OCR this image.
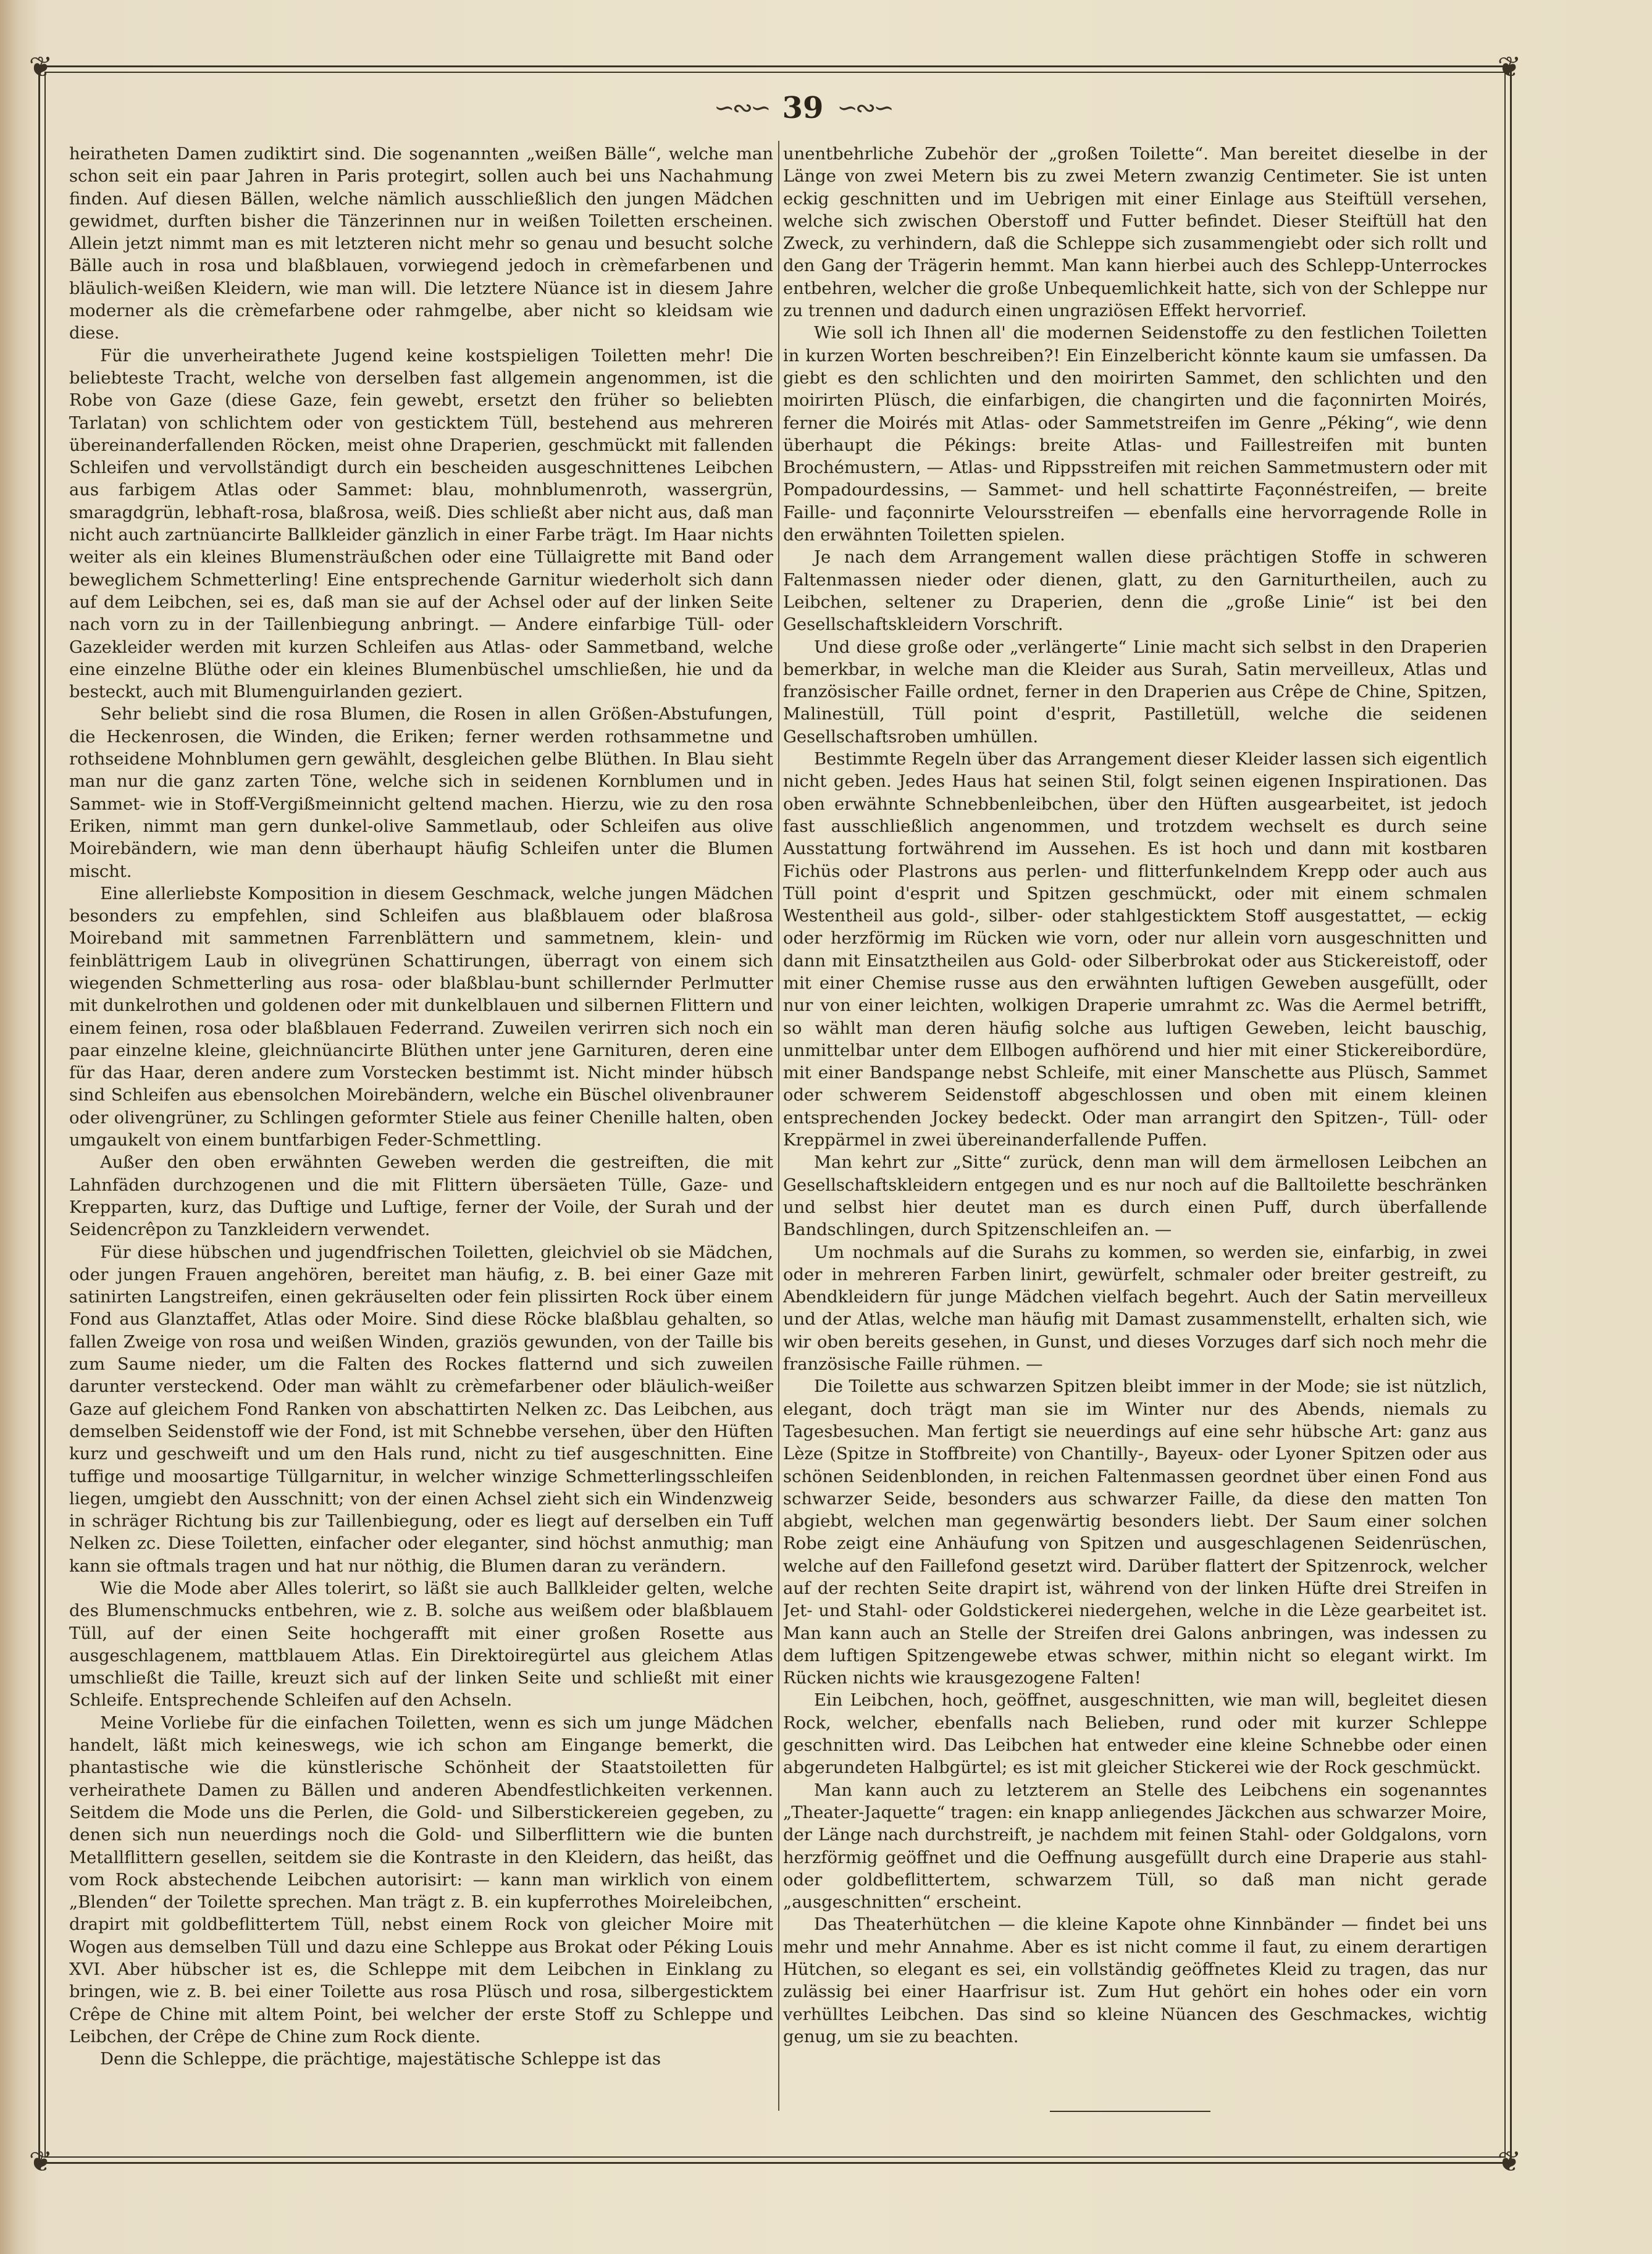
❦	❦
❦	❦
∽∾∽ 39 ∽∾∽

heiratheten Damen zudiktirt sind. Die sogenannten „weißen Bälle“, welche man schon seit ein paar Jahren in Paris protegirt, sollen auch bei uns Nachahmung finden. Auf diesen Bällen, welche nämlich ausschließlich den jungen Mädchen gewidmet, durften bisher die Tänzerinnen nur in weißen Toiletten erscheinen. Allein jetzt nimmt man es mit letzteren nicht mehr so genau und besucht solche Bälle auch in rosa und blaßblauen, vorwiegend jedoch in crèmefarbenen und bläulich-weißen Kleidern, wie man will. Die letztere Nüance ist in diesem Jahre moderner als die crèmefarbene oder rahmgelbe, aber nicht so kleidsam wie diese.

Für die unverheirathete Jugend keine kostspieligen Toiletten mehr! Die beliebteste Tracht, welche von derselben fast allgemein angenommen, ist die Robe von Gaze (diese Gaze, fein gewebt, ersetzt den früher so beliebten Tarlatan) von schlichtem oder von gesticktem Tüll, bestehend aus mehreren übereinanderfallenden Röcken, meist ohne Draperien, geschmückt mit fallenden Schleifen und vervollständigt durch ein bescheiden ausgeschnittenes Leibchen aus farbigem Atlas oder Sammet: blau, mohnblumenroth, wassergrün, smaragdgrün, lebhaft-rosa, blaßrosa, weiß. Dies schließt aber nicht aus, daß man nicht auch zartnüancirte Ballkleider gänzlich in einer Farbe trägt. Im Haar nichts weiter als ein kleines Blumensträußchen oder eine Tüllaigrette mit Band oder beweglichem Schmetterling! Eine entsprechende Garnitur wiederholt sich dann auf dem Leibchen, sei es, daß man sie auf der Achsel oder auf der linken Seite nach vorn zu in der Taillenbiegung anbringt. — Andere einfarbige Tüll- oder Gazekleider werden mit kurzen Schleifen aus Atlas- oder Sammetband, welche eine einzelne Blüthe oder ein kleines Blumenbüschel umschließen, hie und da besteckt, auch mit Blumenguirlanden geziert.

Sehr beliebt sind die rosa Blumen, die Rosen in allen Größen-Abstufungen, die Heckenrosen, die Winden, die Eriken; ferner werden rothsammetne und rothseidene Mohnblumen gern gewählt, desgleichen gelbe Blüthen. In Blau sieht man nur die ganz zarten Töne, welche sich in seidenen Kornblumen und in Sammet- wie in Stoff-Vergißmeinnicht geltend machen. Hierzu, wie zu den rosa Eriken, nimmt man gern dunkel-olive Sammetlaub, oder Schleifen aus olive Moirebändern, wie man denn überhaupt häufig Schleifen unter die Blumen mischt.

Eine allerliebste Komposition in diesem Geschmack, welche jungen Mädchen besonders zu empfehlen, sind Schleifen aus blaßblauem oder blaßrosa Moireband mit sammetnen Farrenblättern und sammetnem, klein- und feinblättrigem Laub in olivegrünen Schattirungen, überragt von einem sich wiegenden Schmetterling aus rosa- oder blaßblau-bunt schillernder Perlmutter mit dunkelrothen und goldenen oder mit dunkelblauen und silbernen Flittern und einem feinen, rosa oder blaßblauen Federrand. Zuweilen verirren sich noch ein paar einzelne kleine, gleichnüancirte Blüthen unter jene Garnituren, deren eine für das Haar, deren andere zum Vorstecken bestimmt ist. Nicht minder hübsch sind Schleifen aus ebensolchen Moirebändern, welche ein Büschel olivenbrauner oder olivengrüner, zu Schlingen geformter Stiele aus feiner Chenille halten, oben umgaukelt von einem buntfarbigen Feder-Schmettling.

Außer den oben erwähnten Geweben werden die gestreiften, die mit Lahnfäden durchzogenen und die mit Flittern übersäeten Tülle, Gaze- und Krepparten, kurz, das Duftige und Luftige, ferner der Voile, der Surah und der Seidencrêpon zu Tanzkleidern verwendet.

Für diese hübschen und jugendfrischen Toiletten, gleichviel ob sie Mädchen, oder jungen Frauen angehören, bereitet man häufig, z. B. bei einer Gaze mit satinirten Langstreifen, einen gekräuselten oder fein plissirten Rock über einem Fond aus Glanztaffet, Atlas oder Moire. Sind diese Röcke blaßblau gehalten, so fallen Zweige von rosa und weißen Winden, graziös gewunden, von der Taille bis zum Saume nieder, um die Falten des Rockes flatternd und sich zuweilen darunter versteckend. Oder man wählt zu crèmefarbener oder bläulich-weißer Gaze auf gleichem Fond Ranken von abschattirten Nelken zc. Das Leibchen, aus demselben Seidenstoff wie der Fond, ist mit Schnebbe versehen, über den Hüften kurz und geschweift und um den Hals rund, nicht zu tief ausgeschnitten. Eine tuffige und moosartige Tüllgarnitur, in welcher winzige Schmetterlingsschleifen liegen, umgiebt den Ausschnitt; von der einen Achsel zieht sich ein Windenzweig in schräger Richtung bis zur Taillenbiegung, oder es liegt auf derselben ein Tuff Nelken zc. Diese Toiletten, einfacher oder eleganter, sind höchst anmuthig; man kann sie oftmals tragen und hat nur nöthig, die Blumen daran zu verändern.

Wie die Mode aber Alles tolerirt, so läßt sie auch Ballkleider gelten, welche des Blumenschmucks entbehren, wie z. B. solche aus weißem oder blaßblauem Tüll, auf der einen Seite hochgerafft mit einer großen Rosette aus ausgeschlagenem, mattblauem Atlas. Ein Direktoiregürtel aus gleichem Atlas umschließt die Taille, kreuzt sich auf der linken Seite und schließt mit einer Schleife. Entsprechende Schleifen auf den Achseln.

Meine Vorliebe für die einfachen Toiletten, wenn es sich um junge Mädchen handelt, läßt mich keineswegs, wie ich schon am Eingange bemerkt, die phantastische wie die künstlerische Schönheit der Staatstoiletten für verheirathete Damen zu Bällen und anderen Abendfestlichkeiten verkennen. Seitdem die Mode uns die Perlen, die Gold- und Silberstickereien gegeben, zu denen sich nun neuerdings noch die Gold- und Silberflittern wie die bunten Metallflittern gesellen, seitdem sie die Kontraste in den Kleidern, das heißt, das vom Rock abstechende Leibchen autorisirt: — kann man wirklich von einem „Blenden“ der Toilette sprechen. Man trägt z. B. ein kupferrothes Moireleibchen, drapirt mit goldbeflittertem Tüll, nebst einem Rock von gleicher Moire mit Wogen aus demselben Tüll und dazu eine Schleppe aus Brokat oder Péking Louis XVI. Aber hübscher ist es, die Schleppe mit dem Leibchen in Einklang zu bringen, wie z. B. bei einer Toilette aus rosa Plüsch und rosa, silbergesticktem Crêpe de Chine mit altem Point, bei welcher der erste Stoff zu Schleppe und Leibchen, der Crêpe de Chine zum Rock diente.

Denn die Schleppe, die prächtige, majestätische Schleppe ist das

unentbehrliche Zubehör der „großen Toilette“. Man bereitet dieselbe in der Länge von zwei Metern bis zu zwei Metern zwanzig Centimeter. Sie ist unten eckig geschnitten und im Uebrigen mit einer Einlage aus Steiftüll versehen, welche sich zwischen Oberstoff und Futter befindet. Dieser Steiftüll hat den Zweck, zu verhindern, daß die Schleppe sich zusammengiebt oder sich rollt und den Gang der Trägerin hemmt. Man kann hierbei auch des Schlepp-Unterrockes entbehren, welcher die große Unbequemlichkeit hatte, sich von der Schleppe nur zu trennen und dadurch einen ungraziösen Effekt hervorrief.

Wie soll ich Ihnen all' die modernen Seidenstoffe zu den festlichen Toiletten in kurzen Worten beschreiben?! Ein Einzelbericht könnte kaum sie umfassen. Da giebt es den schlichten und den moirirten Sammet, den schlichten und den moirirten Plüsch, die einfarbigen, die changirten und die façonnirten Moirés, ferner die Moirés mit Atlas- oder Sammetstreifen im Genre „Péking“, wie denn überhaupt die Pékings: breite Atlas- und Faillestreifen mit bunten Brochémustern, — Atlas- und Rippsstreifen mit reichen Sammetmustern oder mit Pompadourdessins, — Sammet- und hell schattirte Façonnéstreifen, — breite Faille- und façonnirte Veloursstreifen — ebenfalls eine hervorragende Rolle in den erwähnten Toiletten spielen.

Je nach dem Arrangement wallen diese prächtigen Stoffe in schweren Faltenmassen nieder oder dienen, glatt, zu den Garniturtheilen, auch zu Leibchen, seltener zu Draperien, denn die „große Linie“ ist bei den Gesellschaftskleidern Vorschrift.

Und diese große oder „verlängerte“ Linie macht sich selbst in den Draperien bemerkbar, in welche man die Kleider aus Surah, Satin merveilleux, Atlas und französischer Faille ordnet, ferner in den Draperien aus Crêpe de Chine, Spitzen, Malinestüll, Tüll point d'esprit, Pastilletüll, welche die seidenen Gesellschaftsroben umhüllen.

Bestimmte Regeln über das Arrangement dieser Kleider lassen sich eigentlich nicht geben. Jedes Haus hat seinen Stil, folgt seinen eigenen Inspirationen. Das oben erwähnte Schnebbenleibchen, über den Hüften ausgearbeitet, ist jedoch fast ausschließlich angenommen, und trotzdem wechselt es durch seine Ausstattung fortwährend im Aussehen. Es ist hoch und dann mit kostbaren Fichüs oder Plastrons aus perlen- und flitterfunkelndem Krepp oder auch aus Tüll point d'esprit und Spitzen geschmückt, oder mit einem schmalen Westentheil aus gold-, silber- oder stahlgesticktem Stoff ausgestattet, — eckig oder herzförmig im Rücken wie vorn, oder nur allein vorn ausgeschnitten und dann mit Einsatztheilen aus Gold- oder Silberbrokat oder aus Stickereistoff, oder mit einer Chemise russe aus den erwähnten luftigen Geweben ausgefüllt, oder nur von einer leichten, wolkigen Draperie umrahmt zc. Was die Aermel betrifft, so wählt man deren häufig solche aus luftigen Geweben, leicht bauschig, unmittelbar unter dem Ellbogen aufhörend und hier mit einer Stickereibordüre, mit einer Bandspange nebst Schleife, mit einer Manschette aus Plüsch, Sammet oder schwerem Seidenstoff abgeschlossen und oben mit einem kleinen entsprechenden Jockey bedeckt. Oder man arrangirt den Spitzen-, Tüll- oder Kreppärmel in zwei übereinanderfallende Puffen.

Man kehrt zur „Sitte“ zurück, denn man will dem ärmellosen Leibchen an Gesellschaftskleidern entgegen und es nur noch auf die Balltoilette beschränken und selbst hier deutet man es durch einen Puff, durch überfallende Bandschlingen, durch Spitzenschleifen an. —

Um nochmals auf die Surahs zu kommen, so werden sie, einfarbig, in zwei oder in mehreren Farben linirt, gewürfelt, schmaler oder breiter gestreift, zu Abendkleidern für junge Mädchen vielfach begehrt. Auch der Satin merveilleux und der Atlas, welche man häufig mit Damast zusammenstellt, erhalten sich, wie wir oben bereits gesehen, in Gunst, und dieses Vorzuges darf sich noch mehr die französische Faille rühmen. —

Die Toilette aus schwarzen Spitzen bleibt immer in der Mode; sie ist nützlich, elegant, doch trägt man sie im Winter nur des Abends, niemals zu Tagesbesuchen. Man fertigt sie neuerdings auf eine sehr hübsche Art: ganz aus Lèze (Spitze in Stoffbreite) von Chantilly-, Bayeux- oder Lyoner Spitzen oder aus schönen Seidenblonden, in reichen Faltenmassen geordnet über einen Fond aus schwarzer Seide, besonders aus schwarzer Faille, da diese den matten Ton abgiebt, welchen man gegenwärtig besonders liebt. Der Saum einer solchen Robe zeigt eine Anhäufung von Spitzen und ausgeschlagenen Seidenrüschen, welche auf den Faillefond gesetzt wird. Darüber flattert der Spitzenrock, welcher auf der rechten Seite drapirt ist, während von der linken Hüfte drei Streifen in Jet- und Stahl- oder Goldstickerei niedergehen, welche in die Lèze gearbeitet ist. Man kann auch an Stelle der Streifen drei Galons anbringen, was indessen zu dem luftigen Spitzengewebe etwas schwer, mithin nicht so elegant wirkt. Im Rücken nichts wie krausgezogene Falten!

Ein Leibchen, hoch, geöffnet, ausgeschnitten, wie man will, begleitet diesen Rock, welcher, ebenfalls nach Belieben, rund oder mit kurzer Schleppe geschnitten wird. Das Leibchen hat entweder eine kleine Schnebbe oder einen abgerundeten Halbgürtel; es ist mit gleicher Stickerei wie der Rock geschmückt.

Man kann auch zu letzterem an Stelle des Leibchens ein sogenanntes „Theater-Jaquette“ tragen: ein knapp anliegendes Jäckchen aus schwarzer Moire, der Länge nach durchstreift, je nachdem mit feinen Stahl- oder Goldgalons, vorn herzförmig geöffnet und die Oeffnung ausgefüllt durch eine Draperie aus stahl- oder goldbeflittertem, schwarzem Tüll, so daß man nicht gerade „ausgeschnitten“ erscheint.

Das Theaterhütchen — die kleine Kapote ohne Kinnbänder — findet bei uns mehr und mehr Annahme. Aber es ist nicht comme il faut, zu einem derartigen Hütchen, so elegant es sei, ein vollständig geöffnetes Kleid zu tragen, das nur zulässig bei einer Haarfrisur ist. Zum Hut gehört ein hohes oder ein vorn verhülltes Leibchen. Das sind so kleine Nüancen des Geschmackes, wichtig genug, um sie zu beachten.
